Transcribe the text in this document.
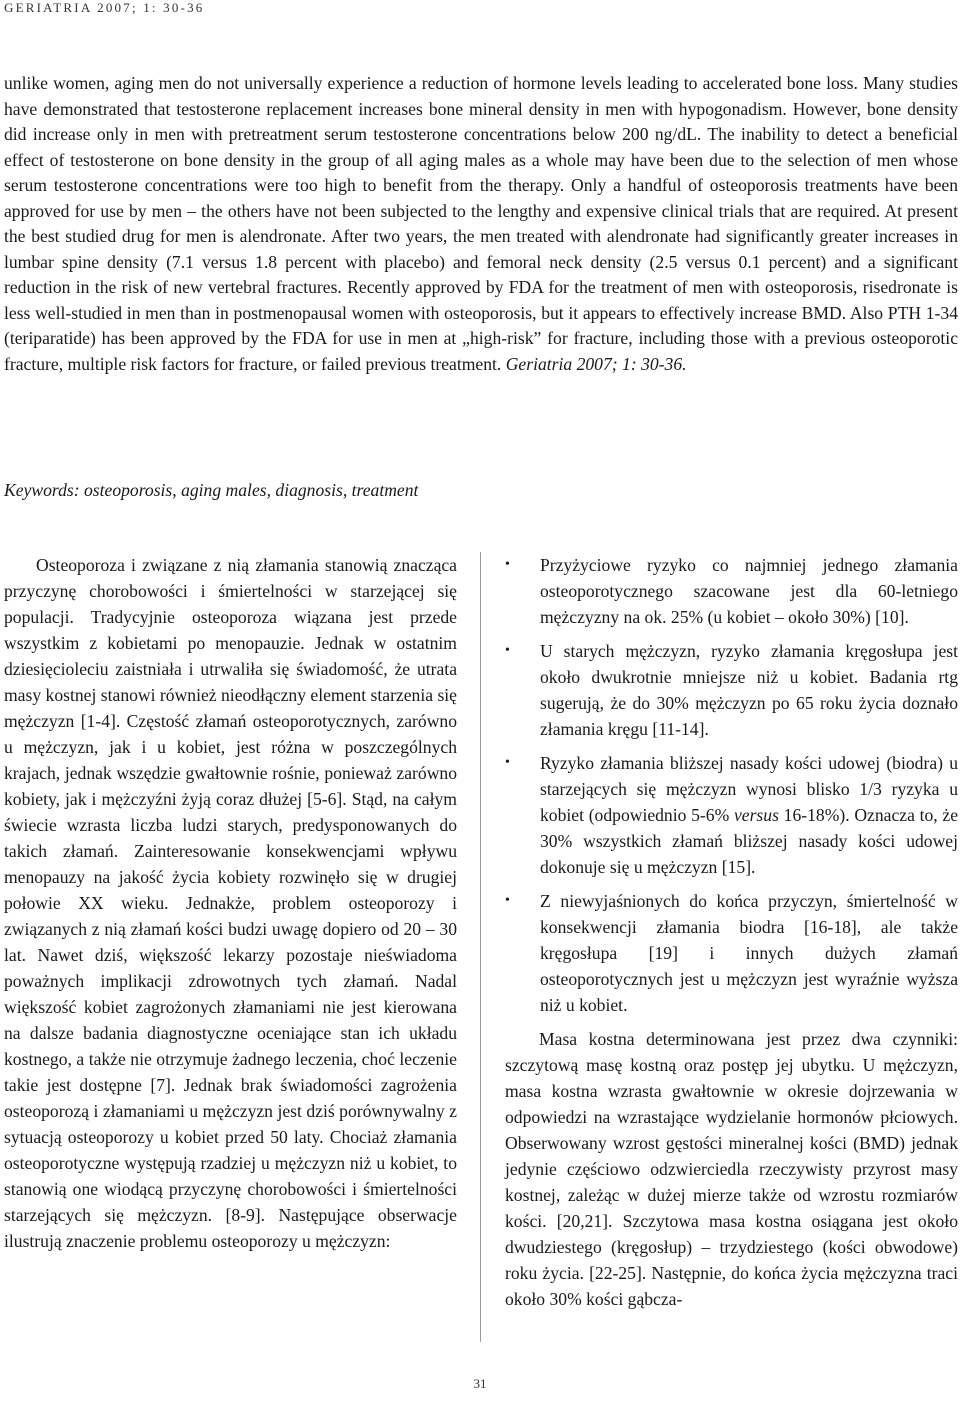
GERIATRIA 2007; 1: 30-36

unlike women, aging men do not universally experience a reduction of hormone levels leading to accelerated bone loss. Many studies have demonstrated that testosterone replacement increases bone mineral density in men with hypogonadism. However, bone density did increase only in men with pretreatment serum testosterone concentrations below 200 ng/dL. The inability to detect a beneficial effect of testosterone on bone density in the group of all aging males as a whole may have been due to the selection of men whose serum testosterone concentrations were too high to benefit from the therapy. Only a handful of osteoporosis treatments have been approved for use by men – the others have not been subjected to the lengthy and expensive clinical trials that are required. At present the best studied drug for men is alendronate. After two years, the men treated with alendronate had significantly greater increases in lumbar spine density (7.1 versus 1.8 percent with placebo) and femoral neck density (2.5 versus 0.1 percent) and a significant reduction in the risk of new vertebral fractures. Recently approved by FDA for the treatment of men with osteoporosis, risedronate is less well-studied in men than in postmenopausal women with osteoporosis, but it appears to effectively increase BMD. Also PTH 1-34 (teriparatide) has been approved by the FDA for use in men at „high-risk” for fracture, including those with a previous osteoporotic fracture, multiple risk factors for fracture, or failed previous treatment. Geriatria 2007; 1: 30-36.

Keywords: osteoporosis, aging males, diagnosis, treatment

Osteoporoza i związane z nią złamania stanowią znacząca przyczynę chorobowości i śmiertelności w starzejącej się populacji. Tradycyjnie osteoporoza wiązana jest przede wszystkim z kobietami po menopauzie. Jednak w ostatnim dziesięcioleciu zaistniała i utrwaliła się świadomość, że utrata masy kostnej stanowi również nieodłączny element starzenia się mężczyzn [1-4]. Częstość złamań osteoporotycznych, zarówno u mężczyzn, jak i u kobiet, jest różna w poszczególnych krajach, jednak wszędzie gwałtownie rośnie, ponieważ zarówno kobiety, jak i mężczyźni żyją coraz dłużej [5-6]. Stąd, na całym świecie wzrasta liczba ludzi starych, predysponowanych do takich złamań. Zainteresowanie konsekwencjami wpływu menopauzy na jakość życia kobiety rozwinęło się w drugiej połowie XX wieku. Jednakże, problem osteoporozy i związanych z nią złamań kości budzi uwagę dopiero od 20 – 30 lat. Nawet dziś, większość lekarzy pozostaje nieświadoma poważnych implikacji zdrowotnych tych złamań. Nadal większość kobiet zagrożonych złamaniami nie jest kierowana na dalsze badania diagnostyczne oceniające stan ich układu kostnego, a także nie otrzymuje żadnego leczenia, choć leczenie takie jest dostępne [7]. Jednak brak świadomości zagrożenia osteoporozą i złamaniami u mężczyzn jest dziś porównywalny z sytuacją osteoporozy u kobiet przed 50 laty. Chociaż złamania osteoporotyczne występują rzadziej u mężczyzn niż u kobiet, to stanowią one wiodącą przyczynę chorobowości i śmiertelności starzejących się mężczyzn. [8-9]. Następujące obserwacje ilustrują znaczenie problemu osteoporozy u mężczyzn:

• Przyżyciowe ryzyko co najmniej jednego złamania osteoporotycznego szacowane jest dla 60-letniego mężczyzny na ok. 25% (u kobiet – około 30%) [10].
• U starych mężczyzn, ryzyko złamania kręgosłupa jest około dwukrotnie mniejsze niż u kobiet. Badania rtg sugerują, że do 30% mężczyzn po 65 roku życia doznało złamania kręgu [11-14].
• Ryzyko złamania bliższej nasady kości udowej (biodra) u starzejących się mężczyzn wynosi blisko 1/3 ryzyka u kobiet (odpowiednio 5-6% versus 16-18%). Oznacza to, że 30% wszystkich złamań bliższej nasady kości udowej dokonuje się u mężczyzn [15].
• Z niewyjaśnionych do końca przyczyn, śmiertelność w konsekwencji złamania biodra [16-18], ale także kręgosłupa [19] i innych dużych złamań osteoporotycznych jest u mężczyzn jest wyraźnie wyższa niż u kobiet.

Masa kostna determinowana jest przez dwa czynniki: szczytową masę kostną oraz postęp jej ubytku. U mężczyzn, masa kostna wzrasta gwałtownie w okresie dojrzewania w odpowiedzi na wzrastające wydzielanie hormonów płciowych. Obserwowany wzrost gęstości mineralnej kości (BMD) jednak jedynie częściowo odzwierciedla rzeczywisty przyrost masy kostnej, zależąc w dużej mierze także od wzrostu rozmiarów kości. [20,21]. Szczytowa masa kostna osiągana jest około dwudziestego (kręgosłup) – trzydziestego (kości obwodowe) roku życia. [22-25]. Następnie, do końca życia mężczyzna traci około 30% kości gąbcza-

31
